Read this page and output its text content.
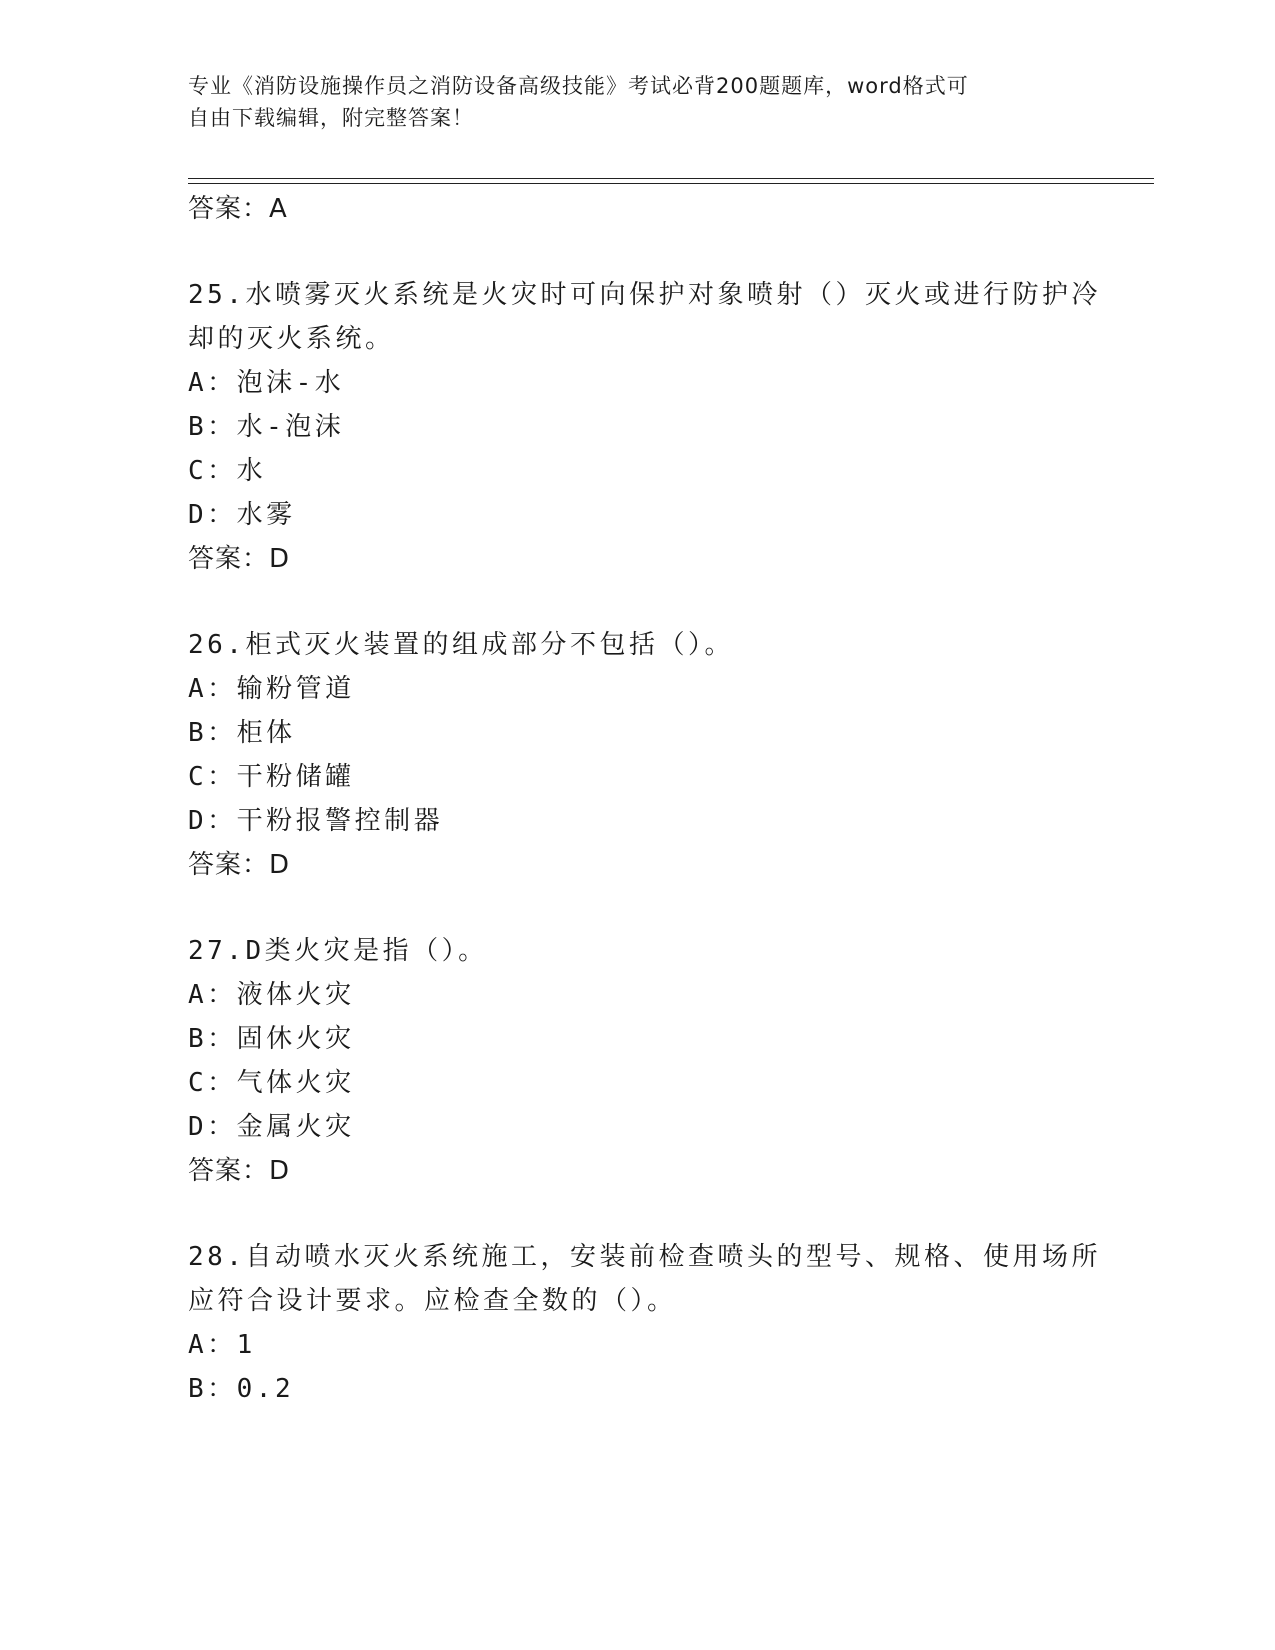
专业《消防设施操作员之消防设备高级技能》考试必背200题题库，word格式可
自由下载编辑，附完整答案！
答案：A
25.水喷雾灭火系统是火灾时可向保护对象喷射（）灭火或进行防护冷
却的灭火系统。
A：泡沫-水
B：水-泡沫
C：水
D：水雾
答案：D
26.柜式灭火装置的组成部分不包括（）。
A：输粉管道
B：柜体
C：干粉储罐
D：干粉报警控制器
答案：D
27.D类火灾是指（）。
A：液体火灾
B：固休火灾
C：气体火灾
D：金属火灾
答案：D
28.自动喷水灭火系统施工，安装前检查喷头的型号、规格、使用场所
应符合设计要求。应检查全数的（）。
A：1
B：0.2
